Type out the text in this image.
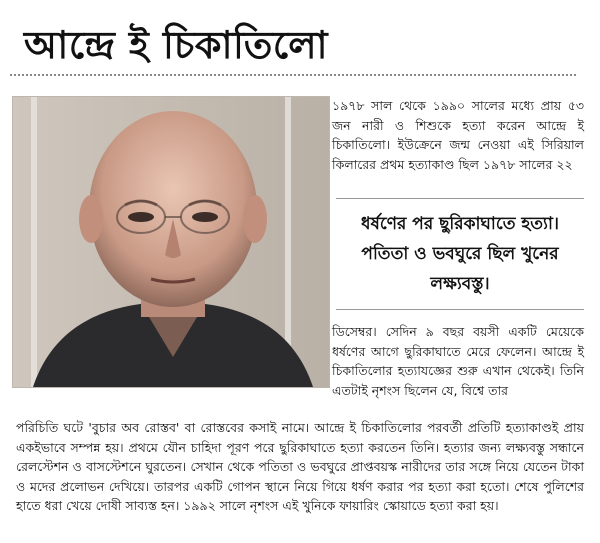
আন্দ্রে ই চিকাতিলো

১৯৭৮ সাল থেকে ১৯৯০ সালের মধ্যে প্রায় ৫৩ জন নারী ও শিশুকে হত্যা করেন আন্দ্রে ই চিকাতিলো। ইউক্রেনে জন্ম নেওয়া এই সিরিয়াল কিলারের প্রথম হত্যাকাণ্ড ছিল ১৯৭৮ সালের ২২

ধর্ষণের পর ছুরিকাঘাতে হত্যা। পতিতা ও ভবঘুরে ছিল খুনের লক্ষ্যবস্তু।

ডিসেম্বর। সেদিন ৯ বছর বয়সী একটি মেয়েকে ধর্ষণের আগে ছুরিকাঘাতে মেরে ফেলেন। আন্দ্রে ই চিকাতিলোর হত্যাযজ্ঞের শুরু এখান থেকেই। তিনি এতটাই নৃশংস ছিলেন যে, বিশ্বে তার

পরিচিতি ঘটে 'বুচার অব রোস্তব' বা রোস্তবের কসাই নামে। আন্দ্রে ই চিকাতিলোর পরবর্তী প্রতিটি হত্যাকাণ্ডই প্রায় একইভাবে সম্পন্ন হয়। প্রথমে যৌন চাহিদা পূরণ পরে ছুরিকাঘাতে হত্যা করতেন তিনি। হত্যার জন্য লক্ষ্যবস্তু সন্ধানে রেলস্টেশন ও বাসস্টেশনে ঘুরতেন। সেখান থেকে পতিতা ও ভবঘুরে প্রাপ্তবয়স্ক নারীদের তার সঙ্গে নিয়ে যেতেন টাকা ও মদের প্রলোভন দেখিয়ে। তারপর একটি গোপন স্থানে নিয়ে গিয়ে ধর্ষণ করার পর হত্যা করা হতো। শেষে পুলিশের হাতে ধরা খেয়ে দোষী সাব্যস্ত হন। ১৯৯২ সালে নৃশংস এই খুনিকে ফায়ারিং স্কোয়াডে হত্যা করা হয়।
